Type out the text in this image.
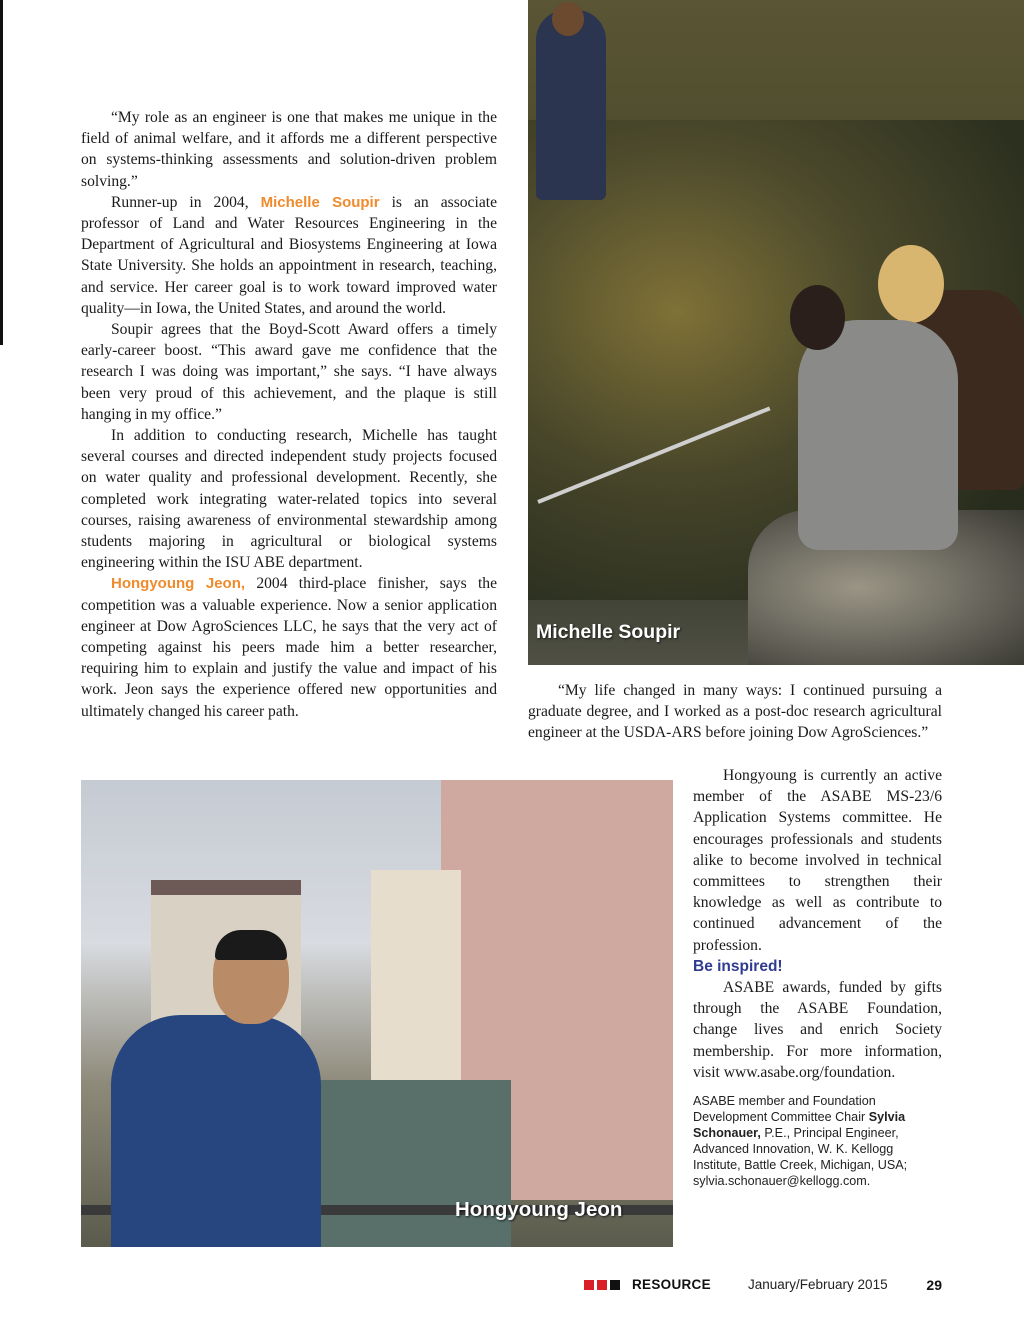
“My role as an engineer is one that makes me unique in the field of animal welfare, and it affords me a different perspective on systems-thinking assessments and solution-driven problem solving.”

Runner-up in 2004, Michelle Soupir is an associate professor of Land and Water Resources Engineering in the Department of Agricultural and Biosystems Engineering at Iowa State University. She holds an appointment in research, teaching, and service. Her career goal is to work toward improved water quality—in Iowa, the United States, and around the world.

Soupir agrees that the Boyd-Scott Award offers a timely early-career boost. “This award gave me confidence that the research I was doing was important,” she says. “I have always been very proud of this achievement, and the plaque is still hanging in my office.”

In addition to conducting research, Michelle has taught several courses and directed independent study projects focused on water quality and professional development. Recently, she completed work integrating water-related topics into several courses, raising awareness of environmental stewardship among students majoring in agricultural or biological systems engineering within the ISU ABE department.

Hongyoung Jeon, 2004 third-place finisher, says the competition was a valuable experience. Now a senior application engineer at Dow AgroSciences LLC, he says that the very act of competing against his peers made him a better researcher, requiring him to explain and justify the value and impact of his work. Jeon says the experience offered new opportunities and ultimately changed his career path.

Michelle Soupir

“My life changed in many ways: I continued pursuing a graduate degree, and I worked as a post-doc research agricultural engineer at the USDA-ARS before joining Dow AgroSciences.”

Hongyoung Jeon

Hongyoung is currently an active member of the ASABE MS-23/6 Application Systems committee. He encourages professionals and students alike to become involved in technical committees to strengthen their knowledge as well as contribute to continued advancement of the profession.

Be inspired!

ASABE awards, funded by gifts through the ASABE Foundation, change lives and enrich Society membership. For more information, visit www.asabe.org/foundation.

ASABE member and Foundation Development Committee Chair Sylvia Schonauer, P.E., Principal Engineer, Advanced Innovation, W. K. Kellogg Institute, Battle Creek, Michigan, USA; sylvia.schonauer@kellogg.com.

RESOURCE	January/February 2015	29
